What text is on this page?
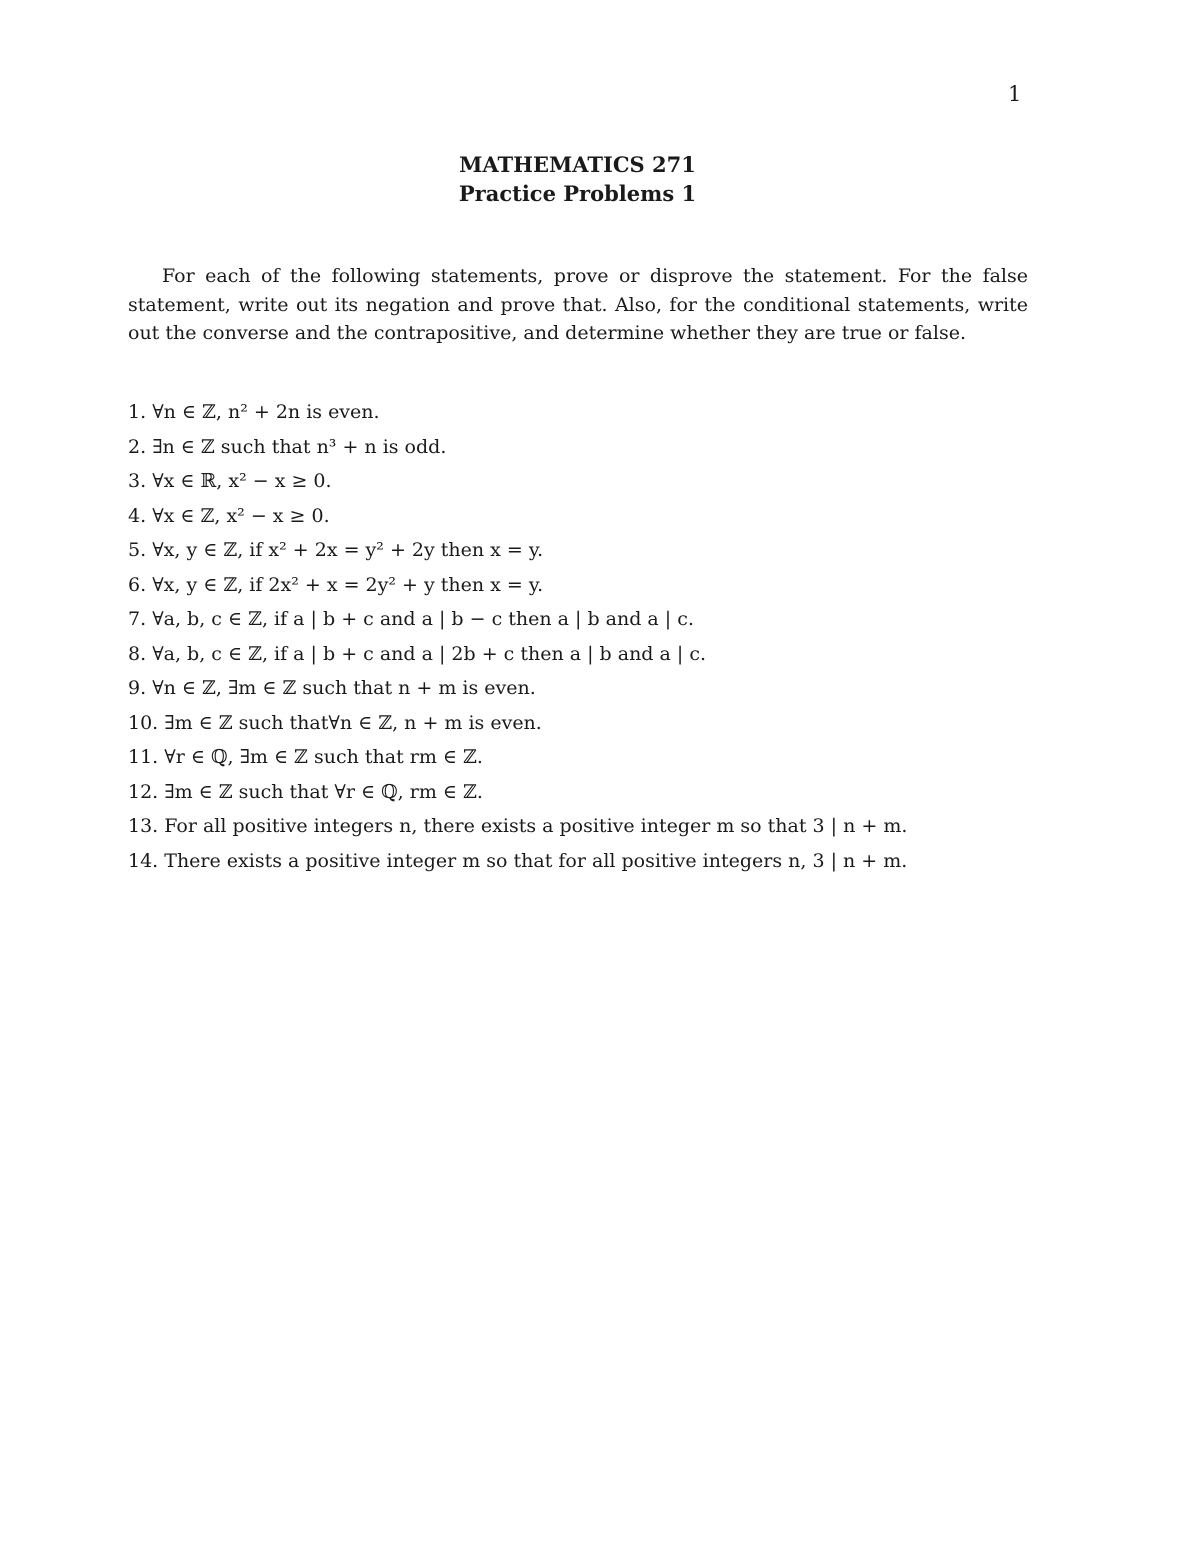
1
MATHEMATICS 271
Practice Problems 1

For each of the following statements, prove or disprove the statement. For the false statement, write out its negation and prove that. Also, for the conditional statements, write out the converse and the contrapositive, and determine whether they are true or false.

1. ∀n ∈ ℤ, n² + 2n is even.
2. ∃n ∈ ℤ such that n³ + n is odd.
3. ∀x ∈ ℝ, x² − x ≥ 0.
4. ∀x ∈ ℤ, x² − x ≥ 0.
5. ∀x, y ∈ ℤ, if x² + 2x = y² + 2y then x = y.
6. ∀x, y ∈ ℤ, if 2x² + x = 2y² + y then x = y.
7. ∀a, b, c ∈ ℤ, if a | b + c and a | b − c then a | b and a | c.
8. ∀a, b, c ∈ ℤ, if a | b + c and a | 2b + c then a | b and a | c.
9. ∀n ∈ ℤ, ∃m ∈ ℤ such that n + m is even.
10. ∃m ∈ ℤ such that∀n ∈ ℤ, n + m is even.
11. ∀r ∈ ℚ, ∃m ∈ ℤ such that rm ∈ ℤ.
12. ∃m ∈ ℤ such that ∀r ∈ ℚ, rm ∈ ℤ.
13. For all positive integers n, there exists a positive integer m so that 3 | n + m.
14. There exists a positive integer m so that for all positive integers n, 3 | n + m.
